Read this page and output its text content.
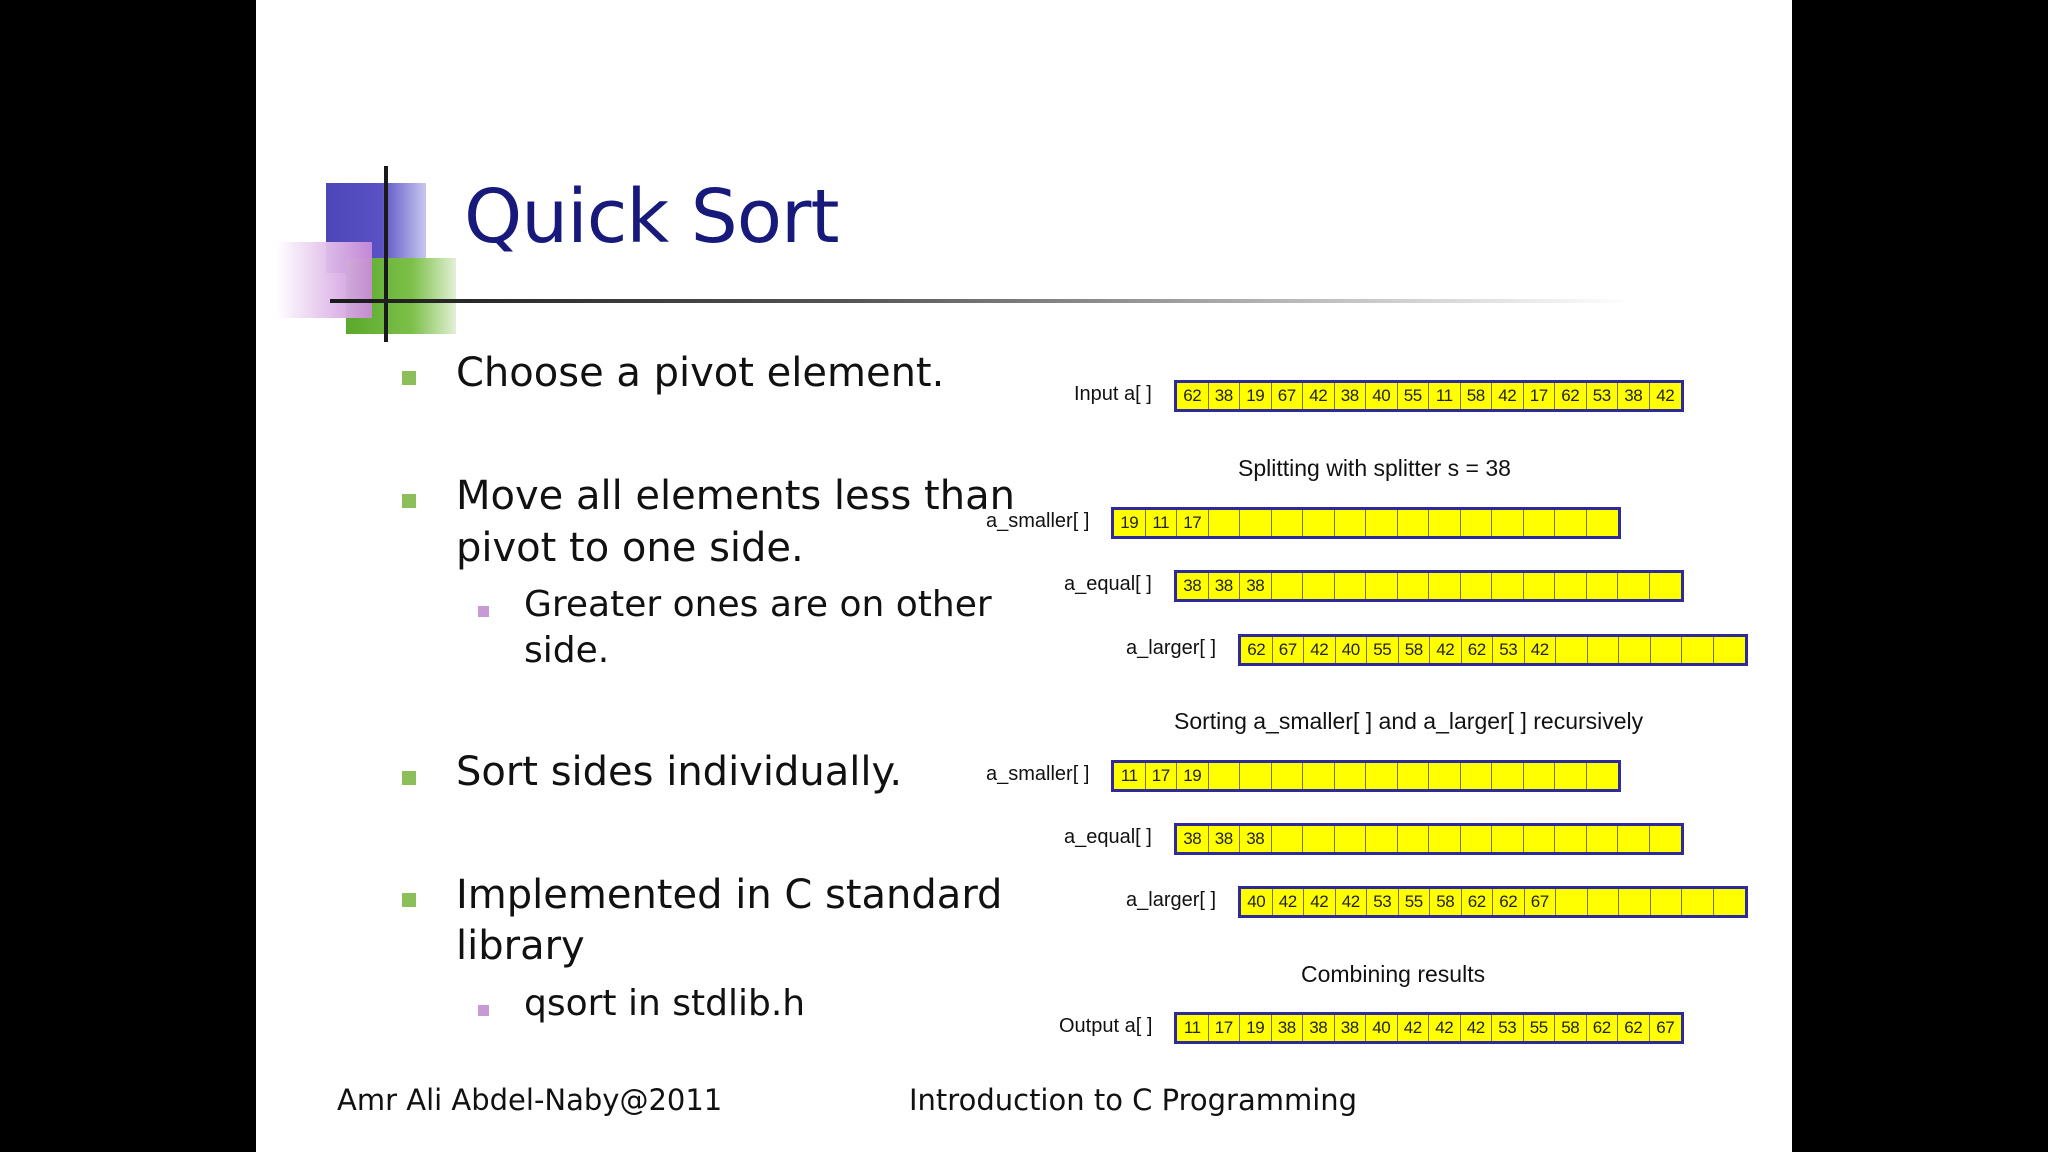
Quick Sort
Choose a pivot element.
Move all elements less than
pivot to one side.
Greater ones are on other
side.
Sort sides individually.
Implemented in C standard
library
qsort in stdlib.h
Splitting with splitter s = 38
Sorting a_smaller[ ] and a_larger[ ] recursively
Combining results
Input a[ ]	62 38 19 67 42 38 40 55 11 58 42 17 62 53 38 42
a_smaller[ ]	19 11 17
a_equal[ ]	38 38 38
a_larger[ ]	62 67 42 40 55 58 42 62 53 42
a_smaller[ ]	11 17 19
a_equal[ ]	38 38 38
a_larger[ ]	40 42 42 42 53 55 58 62 62 67
Output a[ ]	11 17 19 38 38 38 40 42 42 42 53 55 58 62 62 67
Amr Ali Abdel-Naby@2011	Introduction to C Programming
